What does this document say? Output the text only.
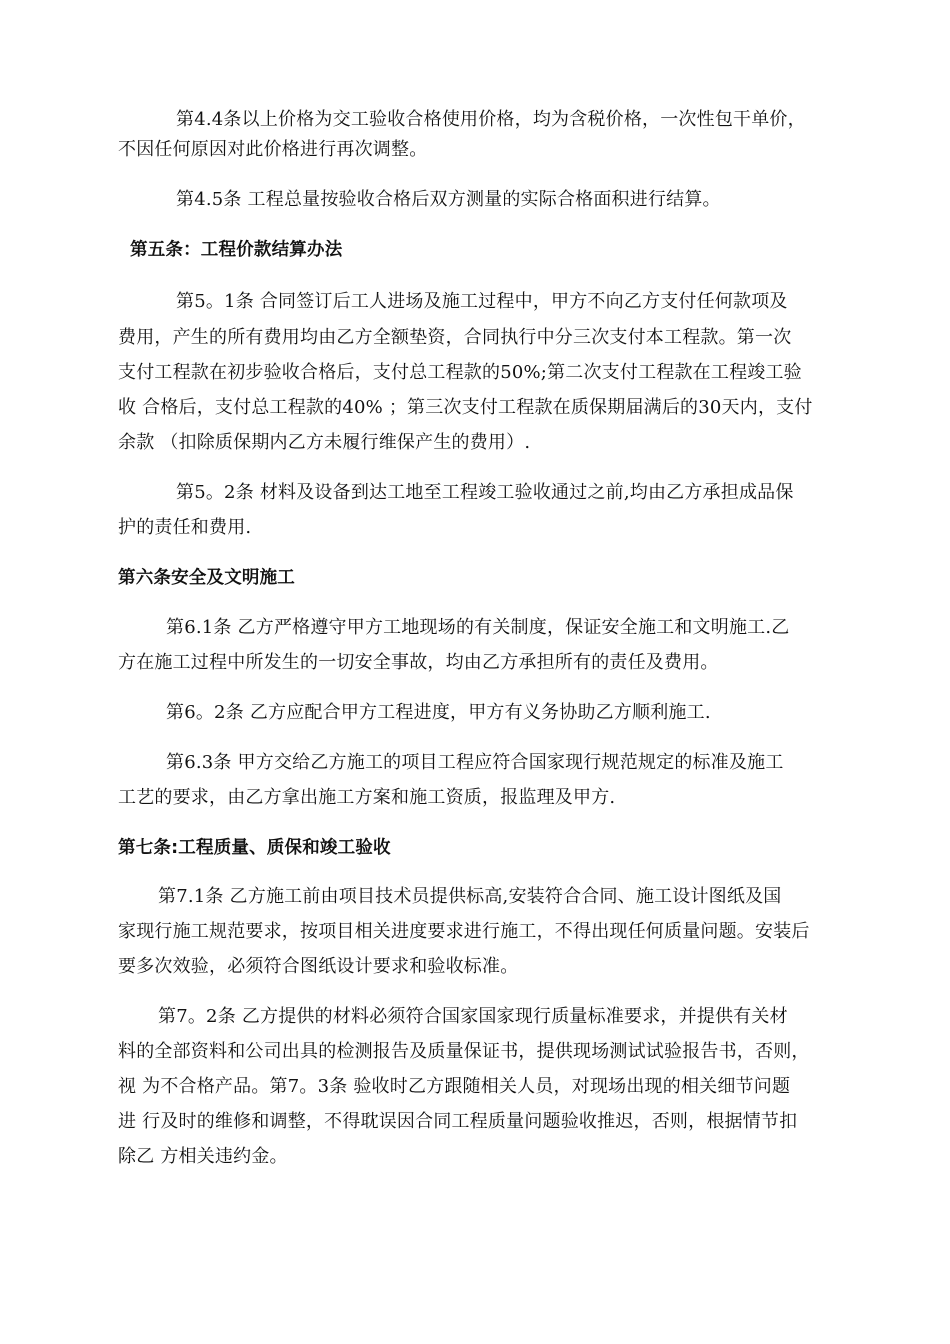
第4.4条以上价格为交工验收合格使用价格，均为含税价格，一次性包干单价，
不因任何原因对此价格进行再次调整。
第4.5条 工程总量按验收合格后双方测量的实际合格面积进行结算。
第五条：工程价款结算办法
第5。1条 合同签订后工人进场及施工过程中，甲方不向乙方支付任何款项及
费用，产生的所有费用均由乙方全额垫资，合同执行中分三次支付本工程款。第一次
支付工程款在初步验收合格后，支付总工程款的50%;第二次支付工程款在工程竣工验
收 合格后，支付总工程款的40% ；第三次支付工程款在质保期届满后的30天内，支付
余款 （扣除质保期内乙方未履行维保产生的费用）.
第5。2条 材料及设备到达工地至工程竣工验收通过之前,均由乙方承担成品保
护的责任和费用.
第六条安全及文明施工
第6.1条 乙方严格遵守甲方工地现场的有关制度，保证安全施工和文明施工.乙
方在施工过程中所发生的一切安全事故，均由乙方承担所有的责任及费用。
第6。2条 乙方应配合甲方工程进度，甲方有义务协助乙方顺利施工.
第6.3条 甲方交给乙方施工的项目工程应符合国家现行规范规定的标准及施工
工艺的要求，由乙方拿出施工方案和施工资质，报监理及甲方.
第七条:工程质量、质保和竣工验收
第7.1条 乙方施工前由项目技术员提供标高,安装符合合同、施工设计图纸及国
家现行施工规范要求，按项目相关进度要求进行施工，不得出现任何质量问题。安装后
要多次效验，必须符合图纸设计要求和验收标准。
第7。2条 乙方提供的材料必须符合国家国家现行质量标准要求，并提供有关材
料的全部资料和公司出具的检测报告及质量保证书，提供现场测试试验报告书，否则，
视 为不合格产品。第7。3条 验收时乙方跟随相关人员，对现场出现的相关细节问题
进 行及时的维修和调整，不得耽误因合同工程质量问题验收推迟，否则，根据情节扣
除乙 方相关违约金。
